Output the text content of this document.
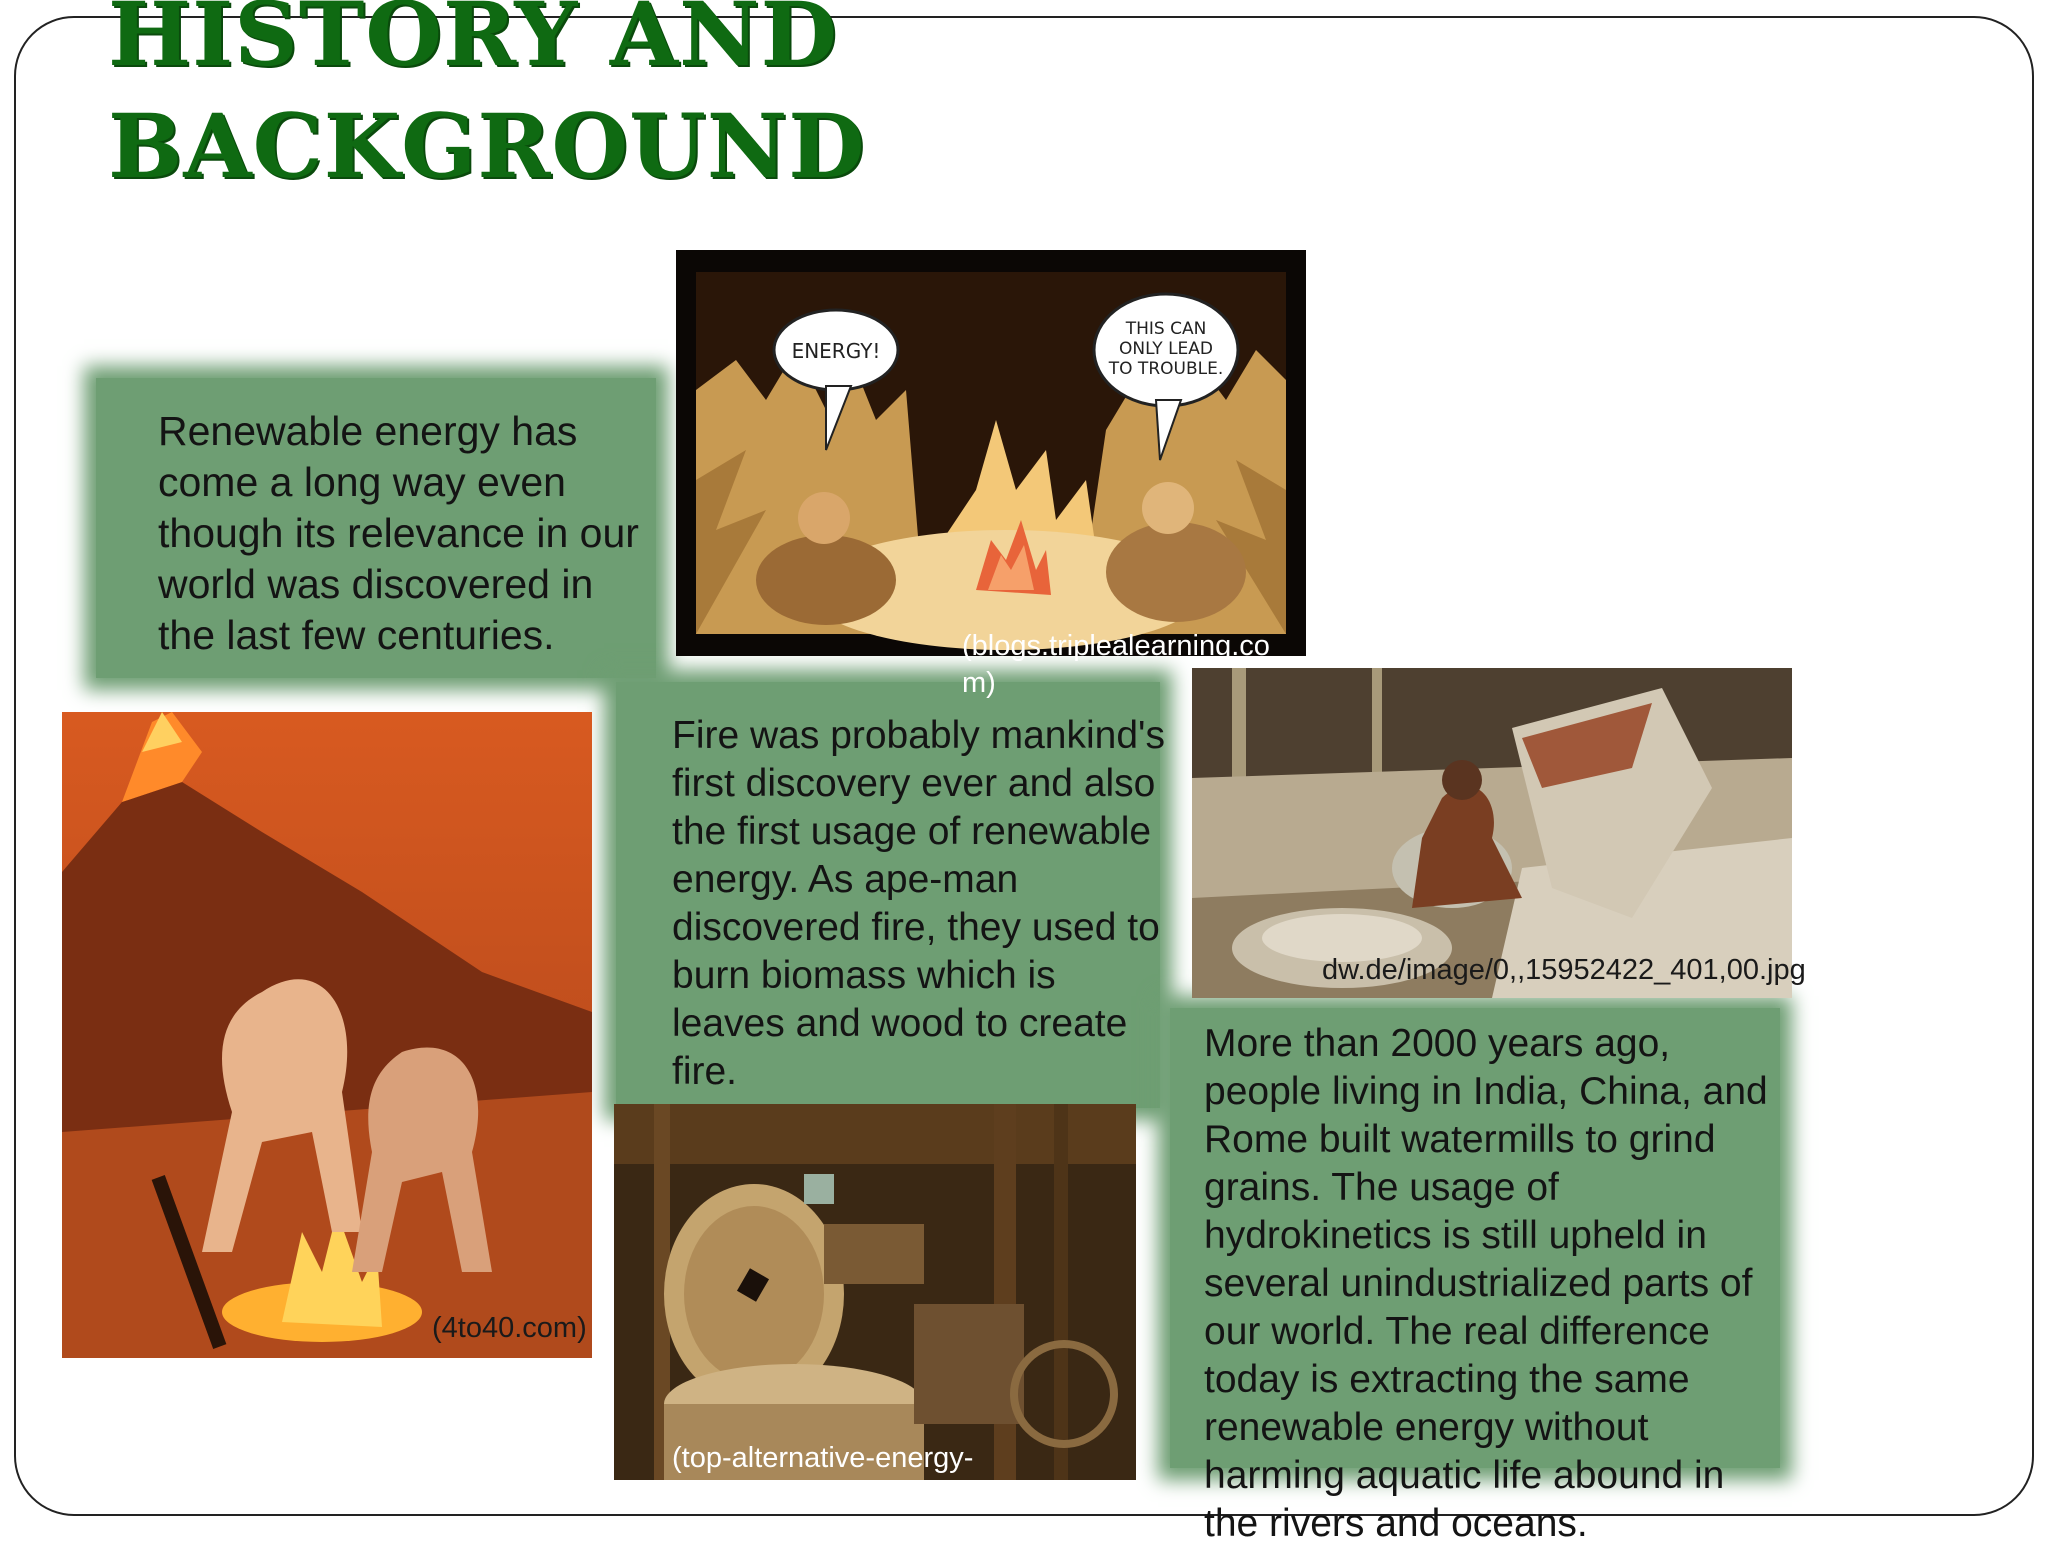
HISTORY AND
BACKGROUND

Renewable energy has come a long way even though its relevance in our world was discovered in the last few centuries.

ENERGY!
THIS CAN
ONLY LEAD
TO TROUBLE.
(blogs.triplealearning.com)
(4to40.com)

Fire was probably mankind's first discovery ever and also the first usage of renewable energy. As ape-man discovered fire, they used to burn biomass which is leaves and wood to create fire.

(top-alternative-energy-
dw.de/image/0,,15952422_401,00.jpg

More than 2000 years ago, people living in India, China, and Rome built watermills to grind grains. The usage of hydrokinetics is still upheld in several unindustrialized parts of our world. The real difference today is extracting the same renewable energy without harming aquatic life abound in the rivers and oceans.
